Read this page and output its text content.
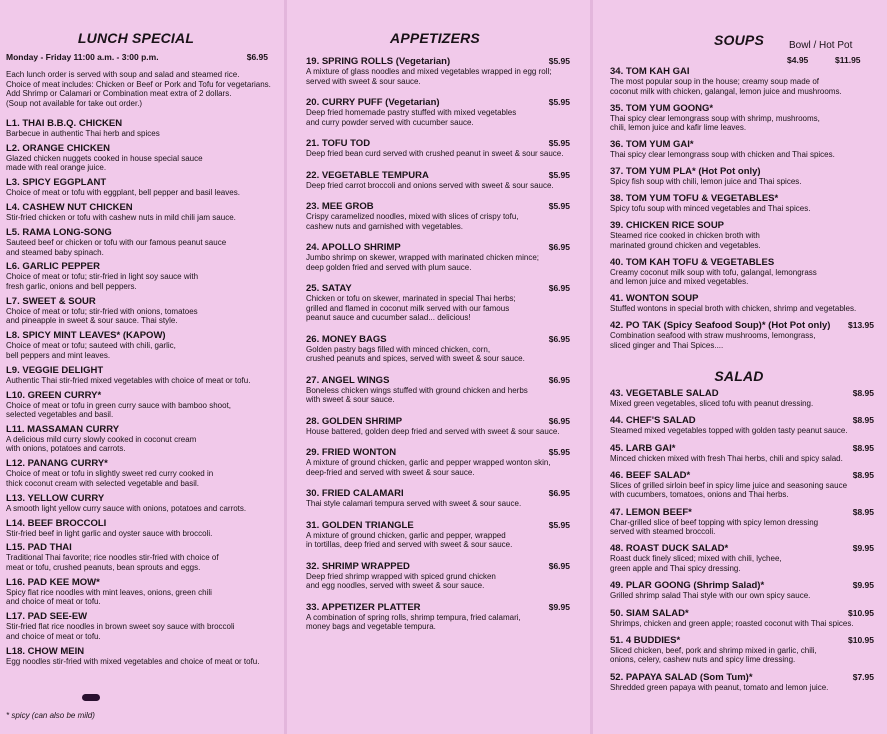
LUNCH SPECIAL
Monday - Friday 11:00 a.m. - 3:00 p.m.	$6.95
Each lunch order is served with soup and salad and steamed rice.
Choice of meat includes: Chicken or Beef or Pork and Tofu for vegetarians.
Add Shrimp or Calamari or Combination meat extra of 2 dollars.
(Soup not available for take out order.)
L1. THAI B.B.Q. CHICKEN
Barbecue in authentic Thai herb and spices
L2. ORANGE CHICKEN
Glazed chicken nuggets cooked in house special sauce
made with real orange juice.
L3. SPICY EGGPLANT
Choice of meat or tofu with eggplant, bell pepper and basil leaves.
L4. CASHEW NUT CHICKEN
Stir-fried chicken or tofu with cashew nuts in mild chili jam sauce.
L5. RAMA LONG-SONG
Sauteed beef or chicken or tofu with our famous peanut sauce
and steamed baby spinach.
L6. GARLIC PEPPER
Choice of meat or tofu; stir-fried in light soy sauce with
fresh garlic, onions and bell peppers.
L7. SWEET & SOUR
Choice of meat or tofu; stir-fried with onions, tomatoes
and pineapple in sweet & sour sauce. Thai style.
L8. SPICY MINT LEAVES* (KAPOW)
Choice of meat or tofu; sauteed with chili, garlic,
bell peppers and mint leaves.
L9. VEGGIE DELIGHT
Authentic Thai stir-fried mixed vegetables with choice of meat or tofu.
L10. GREEN CURRY*
Choice of meat or tofu in green curry sauce with bamboo shoot,
selected vegetables and basil.
L11. MASSAMAN CURRY
A delicious mild curry slowly cooked in coconut cream
with onions, potatoes and carrots.
L12. PANANG CURRY*
Choice of meat or tofu in slightly sweet red curry cooked in
thick coconut cream with selected vegetable and basil.
L13. YELLOW CURRY
A smooth light yellow curry sauce with onions, potatoes and carrots.
L14. BEEF BROCCOLI
Stir-fried beef in light garlic and oyster sauce with broccoli.
L15. PAD THAI
Traditional Thai favorite; rice noodles stir-fried with choice of
meat or tofu, crushed peanuts, bean sprouts and eggs.
L16. PAD KEE MOW*
Spicy flat rice noodles with mint leaves, onions, green chili
and choice of meat or tofu.
L17. PAD SEE-EW
Stir-fried flat rice noodles in brown sweet soy sauce with broccoli
and choice of meat or tofu.
L18. CHOW MEIN
Egg noodles stir-fried with mixed vegetables and choice of meat or tofu.
* spicy (can also be mild)
APPETIZERS
19. SPRING ROLLS (Vegetarian)	$5.95
A mixture of glass noodles and mixed vegetables wrapped in egg roll;
served with sweet & sour sauce.
20. CURRY PUFF (Vegetarian)	$5.95
Deep fried homemade pastry stuffed with mixed vegetables
and curry powder served with cucumber sauce.
21. TOFU TOD	$5.95
Deep fried bean curd served with crushed peanut in sweet & sour sauce.
22. VEGETABLE TEMPURA	$5.95
Deep fried carrot broccoli and onions served with sweet & sour sauce.
23. MEE GROB	$5.95
Crispy caramelized noodles, mixed with slices of crispy tofu,
cashew nuts and garnished with vegetables.
24. APOLLO SHRIMP	$6.95
Jumbo shrimp on skewer, wrapped with marinated chicken mince;
deep golden fried and served with plum sauce.
25. SATAY	$6.95
Chicken or tofu on skewer, marinated in special Thai herbs;
grilled and flamed in coconut milk served with our famous
peanut sauce and cucumber salad... delicious!
26. MONEY BAGS	$6.95
Golden pastry bags filled with minced chicken, corn,
crushed peanuts and spices, served with sweet & sour sauce.
27. ANGEL WINGS	$6.95
Boneless chicken wings stuffed with ground chicken and herbs
with sweet & sour sauce.
28. GOLDEN SHRIMP	$6.95
House battered, golden deep fried and served with sweet & sour sauce.
29. FRIED WONTON	$5.95
A mixture of ground chicken, garlic and pepper wrapped wonton skin,
deep-fried and served with sweet & sour sauce.
30. FRIED CALAMARI	$6.95
Thai style calamari tempura served with sweet & sour sauce.
31. GOLDEN TRIANGLE	$5.95
A mixture of ground chicken, garlic and pepper, wrapped
in tortillas, deep fried and served with sweet & sour sauce.
32. SHRIMP WRAPPED	$6.95
Deep fried shrimp wrapped with spiced grund chicken
and egg noodles, served with sweet & sour sauce.
33. APPETIZER PLATTER	$9.95
A combination of spring rolls, shrimp tempura, fried calamari,
money bags and vegetable tempura.
SOUPS	Bowl / Hot Pot
$4.95	$11.95
34. TOM KAH GAI
The most popular soup in the house; creamy soup made of
coconut milk with chicken, galangal, lemon juice and mushrooms.
35. TOM YUM GOONG*
Thai spicy clear lemongrass soup with shrimp, mushrooms,
chili, lemon juice and kafir lime leaves.
36. TOM YUM GAI*
Thai spicy clear lemongrass soup with chicken and Thai spices.
37. TOM YUM PLA* (Hot Pot only)
Spicy fish soup with chili, lemon juice and Thai spices.
38. TOM YUM TOFU & VEGETABLES*
Spicy tofu soup with minced vegetables and Thai spices.
39. CHICKEN RICE SOUP
Steamed rice cooked in chicken broth with
marinated ground chicken and vegetables.
40. TOM KAH TOFU & VEGETABLES
Creamy coconut milk soup with tofu, galangal, lemongrass
and lemon juice and mixed vegetables.
41. WONTON SOUP
Stuffed wontons in special broth with chicken, shrimp and vegetables.
42. PO TAK (Spicy Seafood Soup)* (Hot Pot only)	$13.95
Combination seafood with straw mushrooms, lemongrass,
sliced ginger and Thai Spices....
SALAD
43. VEGETABLE SALAD	$8.95
Mixed green vegetables, sliced tofu with peanut dressing.
44. CHEF'S SALAD	$8.95
Steamed mixed vegetables topped with golden tasty peanut sauce.
45. LARB GAI*	$8.95
Minced chicken mixed with fresh Thai herbs, chili and spicy salad.
46. BEEF SALAD*	$8.95
Slices of grilled sirloin beef in spicy lime juice and seasoning sauce
with cucumbers, tomatoes, onions and Thai herbs.
47. LEMON BEEF*	$8.95
Char-grilled slice of beef topping with spicy lemon dressing
served with steamed broccoli.
48. ROAST DUCK SALAD*	$9.95
Roast duck finely sliced; mixed with chili, lychee,
green apple and Thai spicy dressing.
49. PLAR GOONG (Shrimp Salad)*	$9.95
Grilled shrimp salad Thai style with our own spicy sauce.
50. SIAM SALAD*	$10.95
Shrimps, chicken and green apple; roasted coconut with Thai spices.
51. 4 BUDDIES*	$10.95
Sliced chicken, beef, pork and shrimp mixed in garlic, chili,
onions, celery, cashew nuts and spicy lime dressing.
52. PAPAYA SALAD (Som Tum)*	$7.95
Shredded green papaya with peanut, tomato and lemon juice.
